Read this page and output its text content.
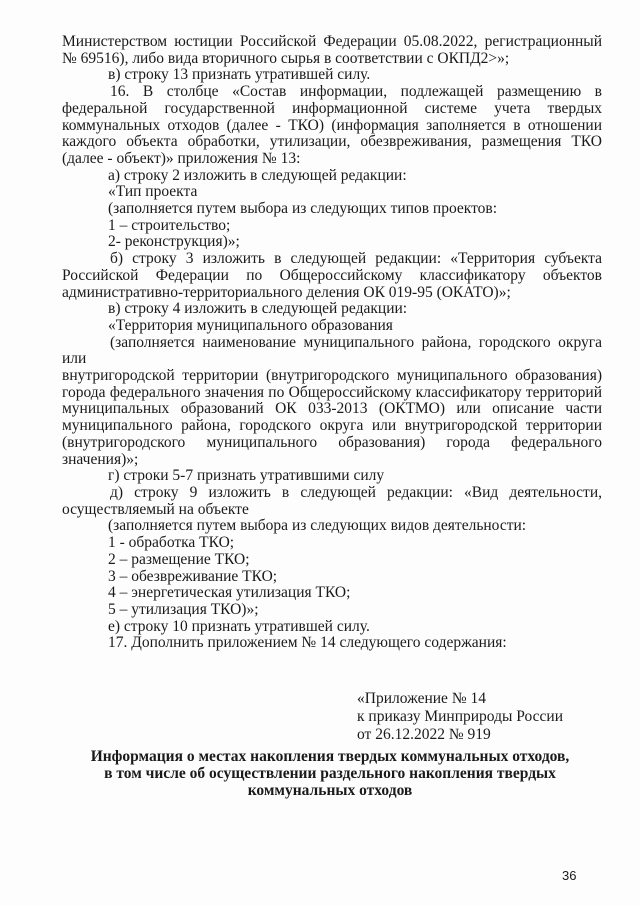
Министерством юстиции Российской Федерации 05.08.2022, регистрационный
№ 69516), либо вида вторичного сырья в соответствии с ОКПД2>»;
в) строку 13 признать утратившей силу.
16. В столбце «Состав информации, подлежащей размещению в
федеральной государственной информационной системе учета твердых
коммунальных отходов (далее - ТКО) (информация заполняется в отношении
каждого объекта обработки, утилизации, обезвреживания, размещения ТКО
(далее - объект)» приложения № 13:
а) строку 2 изложить в следующей редакции:
«Тип проекта
(заполняется путем выбора из следующих типов проектов:
1 – строительство;
2- реконструкция)»;
б) строку 3 изложить в следующей редакции: «Территория субъекта
Российской Федерации по Общероссийскому классификатору объектов
административно-территориального деления ОК 019-95 (ОКАТО)»;
в) строку 4 изложить в следующей редакции:
«Территория муниципального образования
(заполняется наименование муниципального района, городского округа или
внутригородской территории (внутригородского муниципального образования)
города федерального значения по Общероссийскому классификатору территорий
муниципальных образований ОК 033-2013 (ОКТМО) или описание части
муниципального района, городского округа или внутригородской территории
(внутригородского муниципального образования) города федерального
значения)»;
г) строки 5-7 признать утратившими силу
д) строку 9 изложить в следующей редакции: «Вид деятельности,
осуществляемый на объекте
(заполняется путем выбора из следующих видов деятельности:
1 - обработка ТКО;
2 – размещение ТКО;
3 – обезвреживание ТКО;
4 – энергетическая утилизация ТКО;
5 – утилизация ТКО)»;
е) строку 10 признать утратившей силу.
17. Дополнить приложением № 14 следующего содержания:
«Приложение № 14
к приказу Минприроды России
от 26.12.2022 № 919
Информация о местах накопления твердых коммунальных отходов,
в том числе об осуществлении раздельного накопления твердых
коммунальных отходов
36
